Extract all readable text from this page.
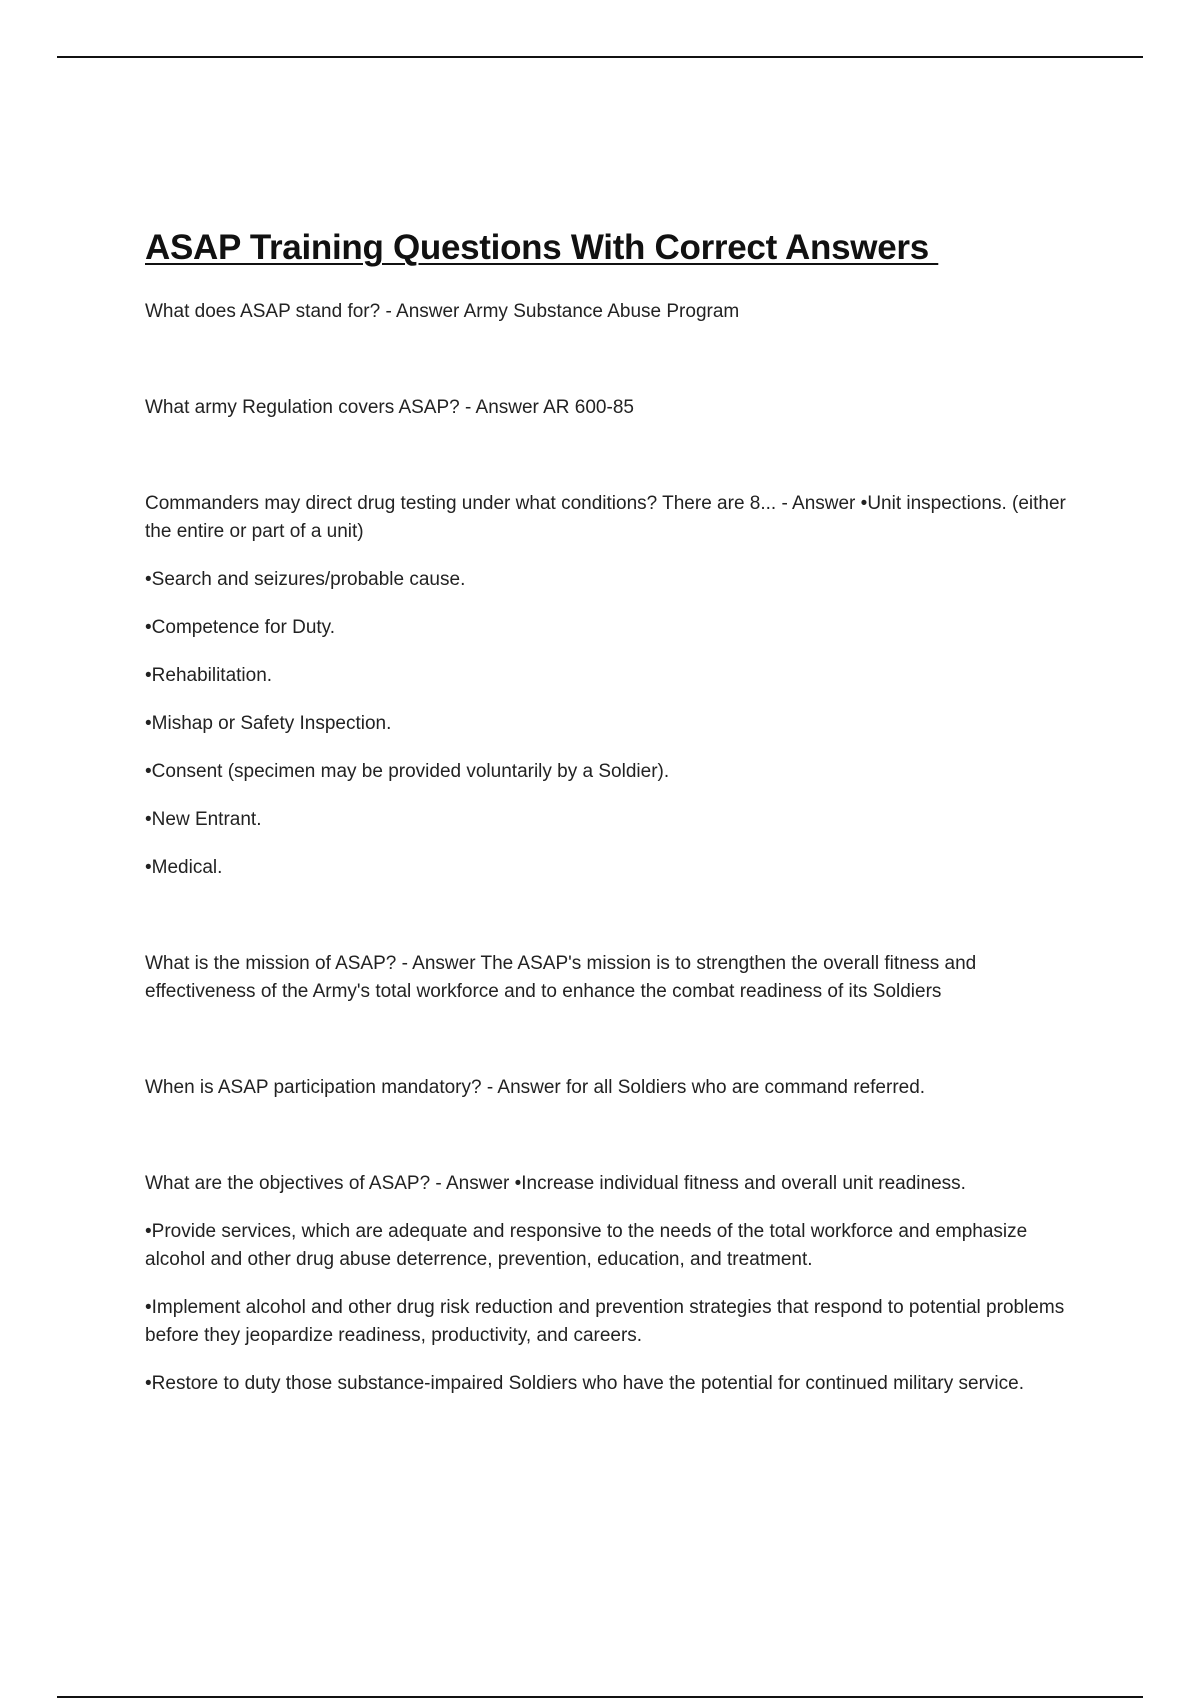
ASAP Training Questions With Correct Answers

What does ASAP stand for? - Answer Army Substance Abuse Program

What army Regulation covers ASAP? - Answer AR 600-85

Commanders may direct drug testing under what conditions? There are 8... - Answer •Unit inspections. (either the entire or part of a unit)

•Search and seizures/probable cause.

•Competence for Duty.

•Rehabilitation.

•Mishap or Safety Inspection.

•Consent (specimen may be provided voluntarily by a Soldier).

•New Entrant.

•Medical.

What is the mission of ASAP? - Answer The ASAP's mission is to strengthen the overall fitness and effectiveness of the Army's total workforce and to enhance the combat readiness of its Soldiers

When is ASAP participation mandatory? - Answer for all Soldiers who are command referred.

What are the objectives of ASAP? - Answer •Increase individual fitness and overall unit readiness.

•Provide services, which are adequate and responsive to the needs of the total workforce and emphasize alcohol and other drug abuse deterrence, prevention, education, and treatment.

•Implement alcohol and other drug risk reduction and prevention strategies that respond to potential problems before they jeopardize readiness, productivity, and careers.

•Restore to duty those substance-impaired Soldiers who have the potential for continued military service.
